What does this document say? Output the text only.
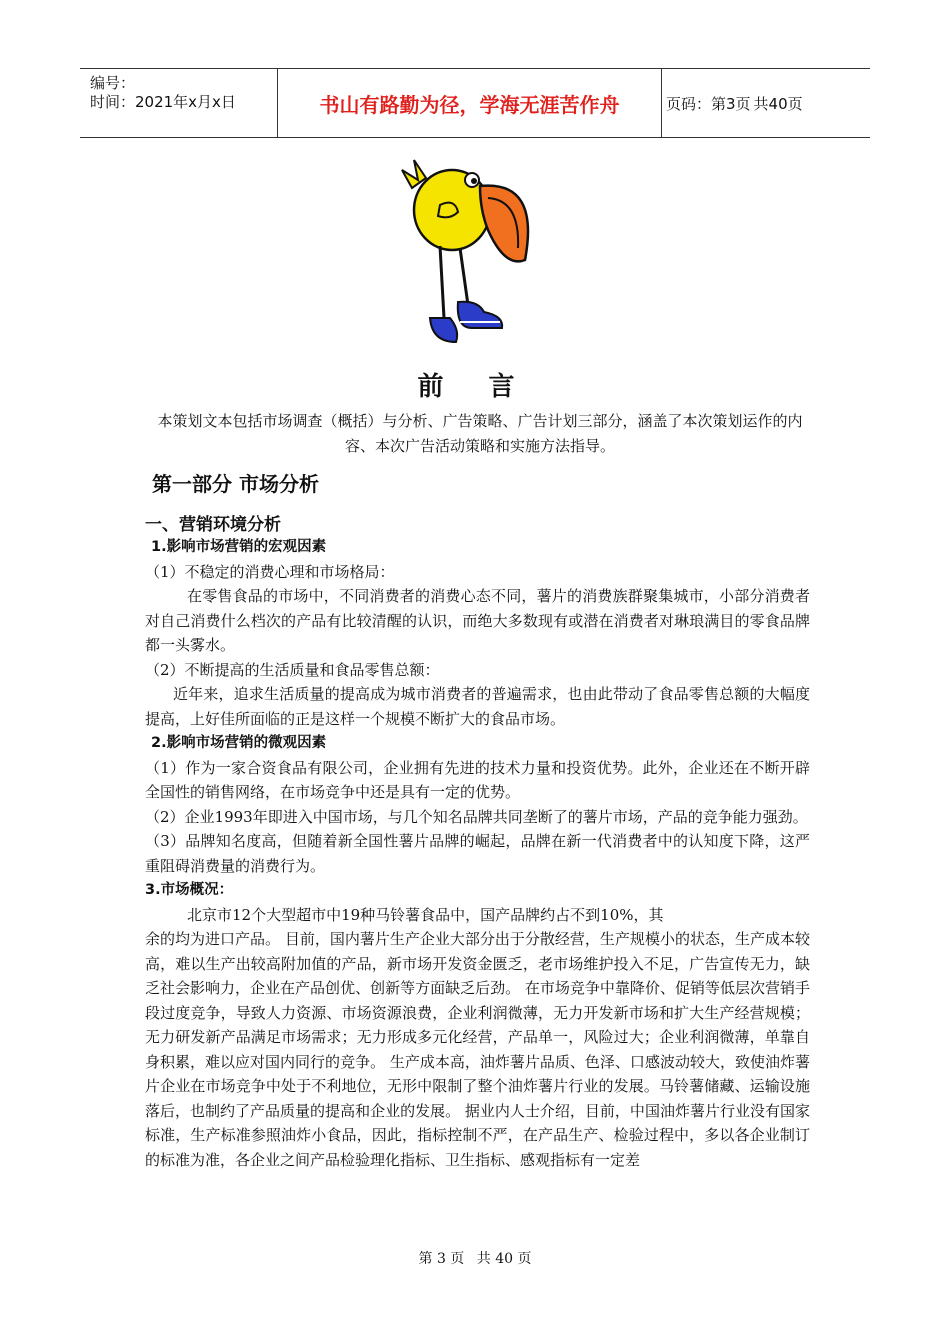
编号：
时间：2021年x月x日	书山有路勤为径，学海无涯苦作舟	页码：第3页 共40页
前 言
本策划文本包括市场调查（概括）与分析、广告策略、广告计划三部分，涵盖了本次策划运作的内容、本次广告活动策略和实施方法指导。
第一部分 市场分析
一、营销环境分析

1.影响市场营销的宏观因素

（1）不稳定的消费心理和市场格局：

在零售食品的市场中，不同消费者的消费心态不同，薯片的消费族群聚集城市，小部分消费者对自己消费什么档次的产品有比较清醒的认识，而绝大多数现有或潜在消费者对琳琅满目的零食品牌都一头雾水。

（2）不断提高的生活质量和食品零售总额：

近年来，追求生活质量的提高成为城市消费者的普遍需求，也由此带动了食品零售总额的大幅度提高，上好佳所面临的正是这样一个规模不断扩大的食品市场。

2.影响市场营销的微观因素

（1）作为一家合资食品有限公司，企业拥有先进的技术力量和投资优势。此外，企业还在不断开辟全国性的销售网络，在市场竞争中还是具有一定的优势。

（2）企业1993年即进入中国市场，与几个知名品牌共同垄断了的薯片市场，产品的竞争能力强劲。

（3）品牌知名度高，但随着新全国性薯片品牌的崛起，品牌在新一代消费者中的认知度下降，这严重阻碍消费量的消费行为。

3.市场概况：

北京市12个大型超市中19种马铃薯食品中，国产品牌约占不到10%，其

余的均为进口产品。 目前，国内薯片生产企业大部分出于分散经营，生产规模小的状态，生产成本较高，难以生产出较高附加值的产品，新市场开发资金匮乏，老市场维护投入不足，广告宣传无力，缺乏社会影响力，企业在产品创优、创新等方面缺乏后劲。 在市场竞争中靠降价、促销等低层次营销手段过度竞争，导致人力资源、市场资源浪费，企业利润微薄，无力开发新市场和扩大生产经营规模；无力研发新产品满足市场需求；无力形成多元化经营，产品单一，风险过大；企业利润微薄，单靠自身积累，难以应对国内同行的竞争。 生产成本高，油炸薯片品质、色泽、口感波动较大，致使油炸薯片企业在市场竞争中处于不利地位，无形中限制了整个油炸薯片行业的发展。马铃薯储藏、运输设施落后，也制约了产品质量的提高和企业的发展。 据业内人士介绍，目前，中国油炸薯片行业没有国家标准，生产标准参照油炸小食品，因此，指标控制不严，在产品生产、检验过程中，多以各企业制订的标准为准，各企业之间产品检验理化指标、卫生指标、感观指标有一定差

第 3 页 共 40 页
